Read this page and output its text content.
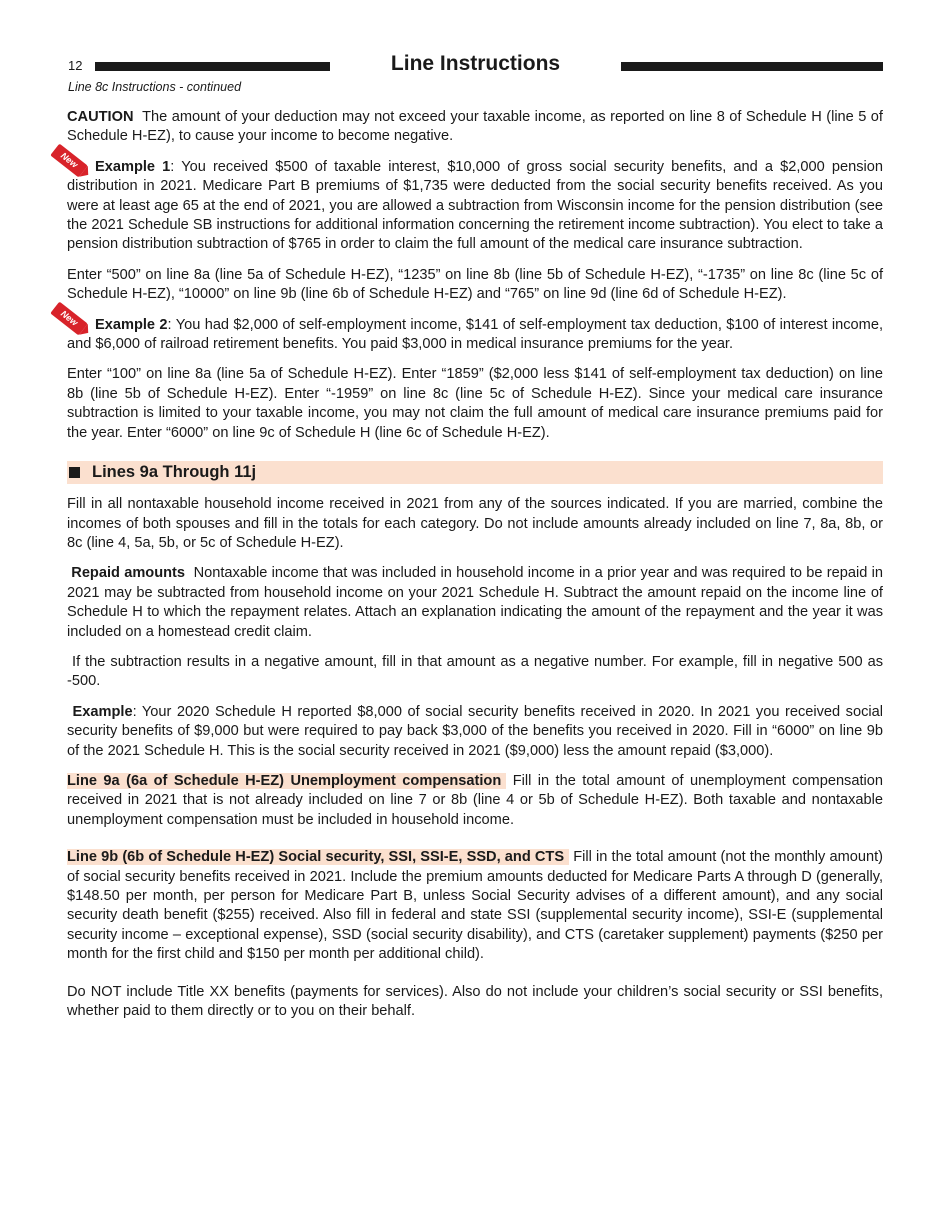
12	Line Instructions
Line 8c Instructions - continued

CAUTION The amount of your deduction may not exceed your taxable income, as reported on line 8 of Schedule H (line 5 of Schedule H-EZ), to cause your income to become negative.

New	Example 1: You received $500 of taxable interest, $10,000 of gross social security benefits, and a $2,000 pension distribution in 2021. Medicare Part B premiums of $1,735 were deducted from the social security benefits received. As you were at least age 65 at the end of 2021, you are allowed a subtraction from Wisconsin income for the pension distribution (see the 2021 Schedule SB instructions for additional information concerning the retirement income subtraction). You elect to take a pension distribution subtraction of $765 in order to claim the full amount of the medical care insurance subtraction.

Enter “500” on line 8a (line 5a of Schedule H-EZ), “1235” on line 8b (line 5b of Schedule H-EZ), “-1735” on line 8c (line 5c of Schedule H-EZ), “10000” on line 9b (line 6b of Schedule H-EZ) and “765” on line 9d (line 6d of Schedule H-EZ).

New	Example 2: You had $2,000 of self-employment income, $141 of self-employment tax deduction, $100 of interest income, and $6,000 of railroad retirement benefits. You paid $3,000 in medical insurance premiums for the year.

Enter “100” on line 8a (line 5a of Schedule H-EZ). Enter “1859” ($2,000 less $141 of self-employment tax deduction) on line 8b (line 5b of Schedule H-EZ). Enter “-1959” on line 8c (line 5c of Schedule H-EZ). Since your medical care insurance subtraction is limited to your taxable income, you may not claim the full amount of medical care insurance premiums paid for the year. Enter “6000” on line 9c of Schedule H (line 6c of Schedule H-EZ).

Lines 9a Through 11j

Fill in all nontaxable household income received in 2021 from any of the sources indicated. If you are married, combine the incomes of both spouses and fill in the totals for each category. Do not include amounts already included on line 7, 8a, 8b, or 8c (line 4, 5a, 5b, or 5c of Schedule H-EZ).

Repaid amounts Nontaxable income that was included in household income in a prior year and was required to be repaid in 2021 may be subtracted from household income on your 2021 Schedule H. Subtract the amount repaid on the income line of Schedule H to which the repayment relates. Attach an explanation indicating the amount of the repayment and the year it was included on a homestead credit claim.

If the subtraction results in a negative amount, fill in that amount as a negative number. For example, fill in negative 500 as -500.

Example: Your 2020 Schedule H reported $8,000 of social security benefits received in 2020. In 2021 you received social security benefits of $9,000 but were required to pay back $3,000 of the benefits you received in 2020. Fill in “6000” on line 9b of the 2021 Schedule H. This is the social security received in 2021 ($9,000) less the amount repaid ($3,000).

Line 9a (6a of Schedule H-EZ) Unemployment compensation Fill in the total amount of unemployment compensation received in 2021 that is not already included on line 7 or 8b (line 4 or 5b of Schedule H-EZ). Both taxable and nontaxable unemployment compensation must be included in household income.

Line 9b (6b of Schedule H-EZ) Social security, SSI, SSI-E, SSD, and CTS Fill in the total amount (not the monthly amount) of social security benefits received in 2021. Include the premium amounts deducted for Medicare Parts A through D (generally, $148.50 per month, per person for Medicare Part B, unless Social Security advises of a different amount), and any social security death benefit ($255) received. Also fill in federal and state SSI (supplemental security income), SSI-E (supplemental security income – exceptional expense), SSD (social security disability), and CTS (caretaker supplement) payments ($250 per month for the first child and $150 per month per additional child).

Do NOT include Title XX benefits (payments for services). Also do not include your children’s social security or SSI benefits, whether paid to them directly or to you on their behalf.
